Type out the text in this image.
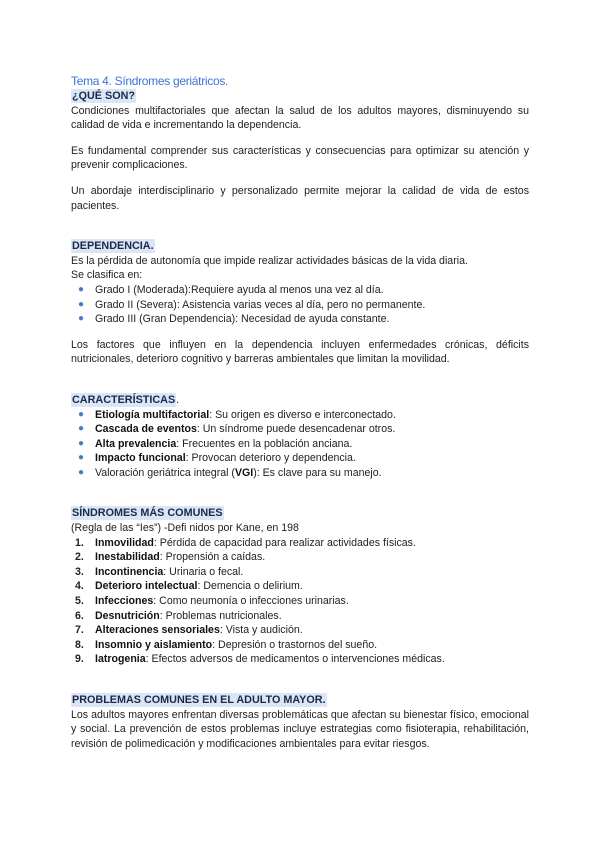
Tema 4. Síndromes geriátricos.
¿QUÉ SON?

Condiciones multifactoriales que afectan la salud de los adultos mayores, disminuyendo su calidad de vida e incrementando la dependencia.

Es fundamental comprender sus características y consecuencias para optimizar su atención y prevenir complicaciones.

Un abordaje interdisciplinario y personalizado permite mejorar la calidad de vida de estos pacientes.

DEPENDENCIA.

Es la pérdida de autonomía que impide realizar actividades básicas de la vida diaria.

Se clasifica en:

● Grado I (Moderada):Requiere ayuda al menos una vez al día.
● Grado II (Severa): Asistencia varias veces al día, pero no permanente.
● Grado III (Gran Dependencia): Necesidad de ayuda constante.

Los factores que influyen en la dependencia incluyen enfermedades crónicas, déficits nutricionales, deterioro cognitivo y barreras ambientales que limitan la movilidad.

CARACTERÍSTICAS.
● Etiología multifactorial: Su origen es diverso e interconectado.
● Cascada de eventos: Un síndrome puede desencadenar otros.
● Alta prevalencia: Frecuentes en la población anciana.
● Impacto funcional: Provocan deterioro y dependencia.
● Valoración geriátrica integral (VGI): Es clave para su manejo.
SÍNDROMES MÁS COMUNES

(Regla de las “Ies”) -Defi nidos por Kane, en 198

1.	Inmovilidad: Pérdida de capacidad para realizar actividades físicas.
2.	Inestabilidad: Propensión a caídas.
3.	Incontinencia: Urinaria o fecal.
4.	Deterioro intelectual: Demencia o delirium.
5.	Infecciones: Como neumonía o infecciones urinarias.
6.	Desnutrición: Problemas nutricionales.
7.	Alteraciones sensoriales: Vista y audición.
8.	Insomnio y aislamiento: Depresión o trastornos del sueño.
9.	Iatrogenia: Efectos adversos de medicamentos o intervenciones médicas.
PROBLEMAS COMUNES EN EL ADULTO MAYOR.

Los adultos mayores enfrentan diversas problemáticas que afectan su bienestar físico, emocional y social. La prevención de estos problemas incluye estrategias como fisioterapia, rehabilitación, revisión de polimedicación y modificaciones ambientales para evitar riesgos.
